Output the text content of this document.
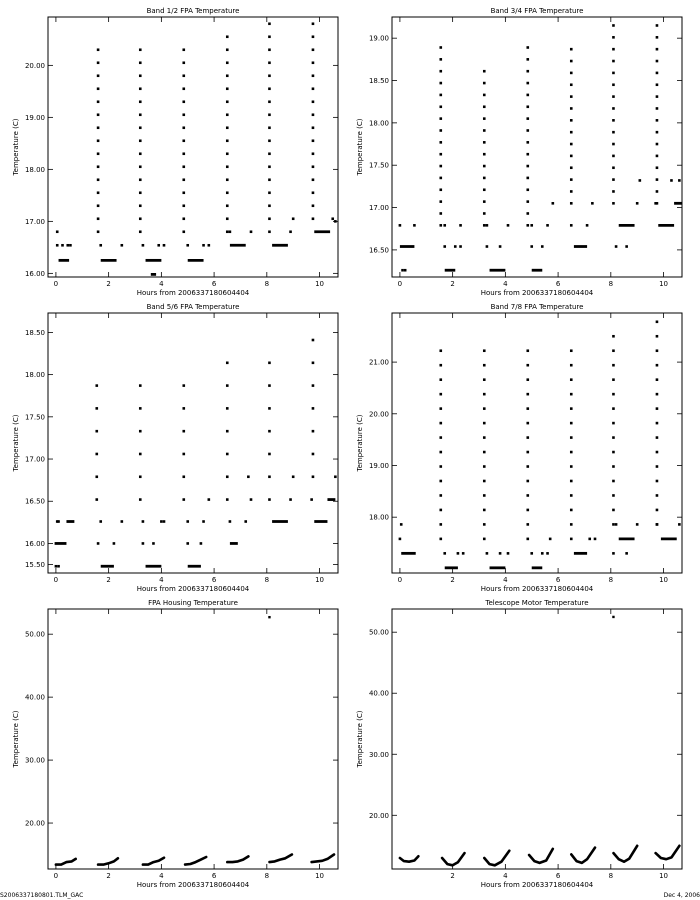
Band 1/2 FPA Temperature
0	2	4	6	8	10
Hours from 2006337180604404
16.00
17.00
18.00
19.00
20.00
Temperature (C)
Band 3/4 FPA Temperature
0	2	4	6	8	10
Hours from 2006337180604404
16.50
17.00
17.50
18.00
18.50
19.00
Temperature (C)
Band 5/6 FPA Temperature
0	2	4	6	8	10
Hours from 2006337180604404
15.50
16.00
16.50
17.00
17.50
18.00
18.50
Temperature (C)
Band 7/8 FPA Temperature
0	2	4	6	8	10
Hours from 2006337180604404
18.00
19.00
20.00
21.00
Temperature (C)
FPA Housing Temperature
0	2	4	6	8	10
Hours from 2006337180604404
20.00
30.00
40.00
50.00
Temperature (C)
Telescope Motor Temperature
2	4	6	8	10
Hours from 2006337180604404
20.00
30.00
40.00
50.00
Temperature (C)
S2006337180801.TLM_GAC	Dec 4, 2006
